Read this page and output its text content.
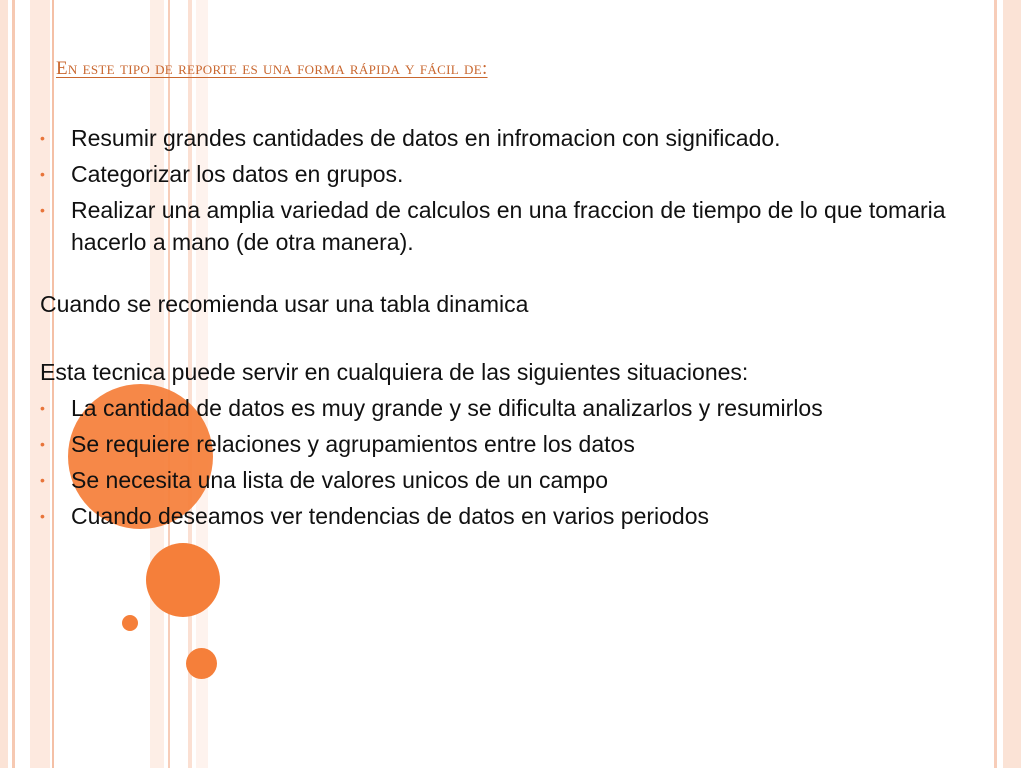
En este tipo de reporte es una forma rápida y fácil de:
•	Resumir grandes cantidades de datos en infromacion con significado.
•	Categorizar los datos en grupos.
•	Realizar una amplia variedad de calculos en una fraccion de tiempo de lo que tomaria hacerlo a mano (de otra manera).

Cuando se recomienda usar una tabla dinamica

Esta tecnica puede servir en cualquiera de las siguientes situaciones:

•	La cantidad de datos es muy grande y se dificulta analizarlos y resumirlos
•	Se requiere relaciones y agrupamientos entre los datos
•	Se necesita una lista de valores unicos de un campo
•	Cuando deseamos ver tendencias de datos en varios periodos
